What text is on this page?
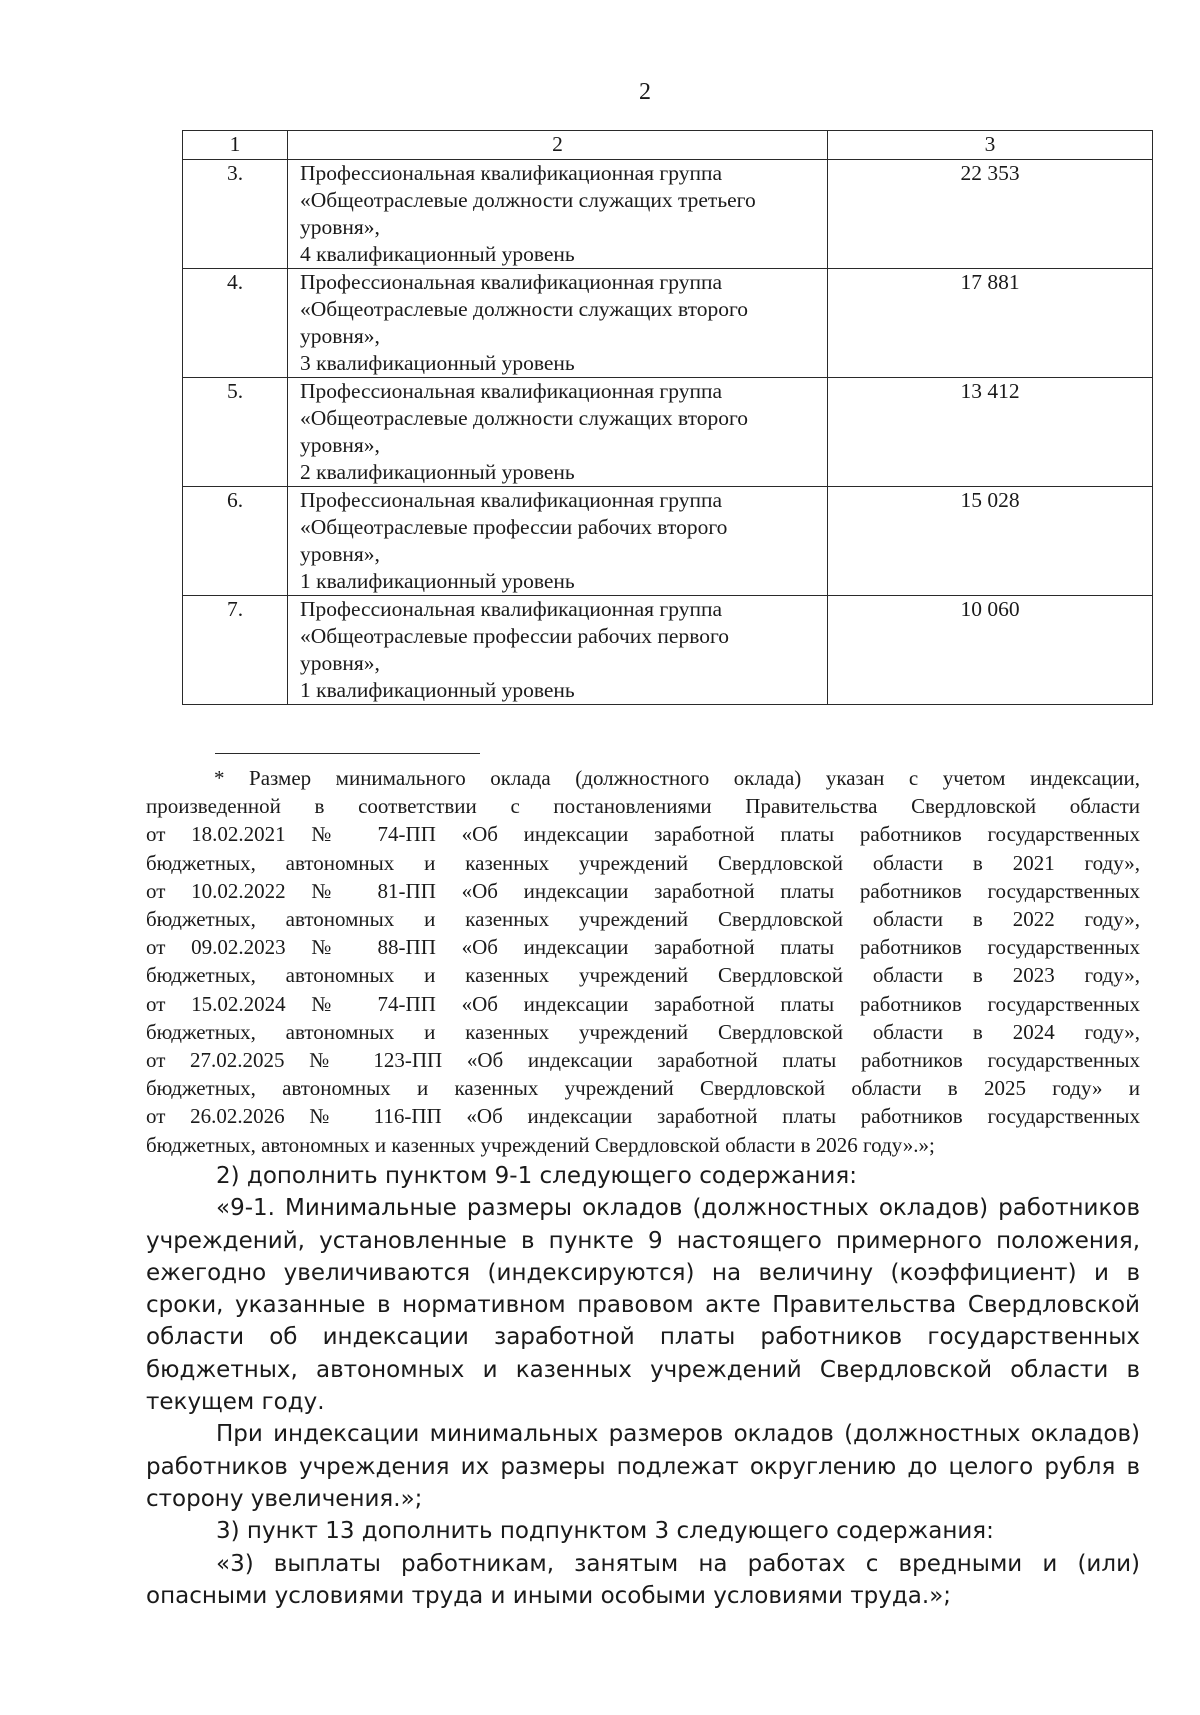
2
1	2	3
3.	Профессиональная квалификационная группа
«Общеотраслевые должности служащих третьего
уровня»,
4 квалификационный уровень	22 353
4.	Профессиональная квалификационная группа
«Общеотраслевые должности служащих второго
уровня»,
3 квалификационный уровень	17 881
5.	Профессиональная квалификационная группа
«Общеотраслевые должности служащих второго
уровня»,
2 квалификационный уровень	13 412
6.	Профессиональная квалификационная группа
«Общеотраслевые профессии рабочих второго
уровня»,
1 квалификационный уровень	15 028
7.	Профессиональная квалификационная группа
«Общеотраслевые профессии рабочих первого
уровня»,
1 квалификационный уровень	10 060
* Размер минимального оклада (должностного оклада) указан с учетом индексации,
произведенной в соответствии с постановлениями Правительства Свердловской области
от 18.02.2021 № 74-ПП «Об индексации заработной платы работников государственных
бюджетных, автономных и казенных учреждений Свердловской области в 2021 году»,
от 10.02.2022 № 81-ПП «Об индексации заработной платы работников государственных
бюджетных, автономных и казенных учреждений Свердловской области в 2022 году»,
от 09.02.2023 № 88-ПП «Об индексации заработной платы работников государственных
бюджетных, автономных и казенных учреждений Свердловской области в 2023 году»,
от 15.02.2024 № 74-ПП «Об индексации заработной платы работников государственных
бюджетных, автономных и казенных учреждений Свердловской области в 2024 году»,
от 27.02.2025 № 123-ПП «Об индексации заработной платы работников государственных
бюджетных, автономных и казенных учреждений Свердловской области в 2025 году» и
от 26.02.2026 № 116-ПП «Об индексации заработной платы работников государственных
бюджетных, автономных и казенных учреждений Свердловской области в 2026 году».»;

2) дополнить пунктом 9-1 следующего содержания:

«9-1. Минимальные размеры окладов (должностных окладов) работников учреждений, установленные в пункте 9 настоящего примерного положения, ежегодно увеличиваются (индексируются) на величину (коэффициент) и в сроки, указанные в нормативном правовом акте Правительства Свердловской области об индексации заработной платы работников государственных бюджетных, автономных и казенных учреждений Свердловской области в текущем году.

При индексации минимальных размеров окладов (должностных окладов) работников учреждения их размеры подлежат округлению до целого рубля в сторону увеличения.»;

3) пункт 13 дополнить подпунктом 3 следующего содержания:

«3) выплаты работникам, занятым на работах с вредными и (или) опасными условиями труда и иными особыми условиями труда.»;
